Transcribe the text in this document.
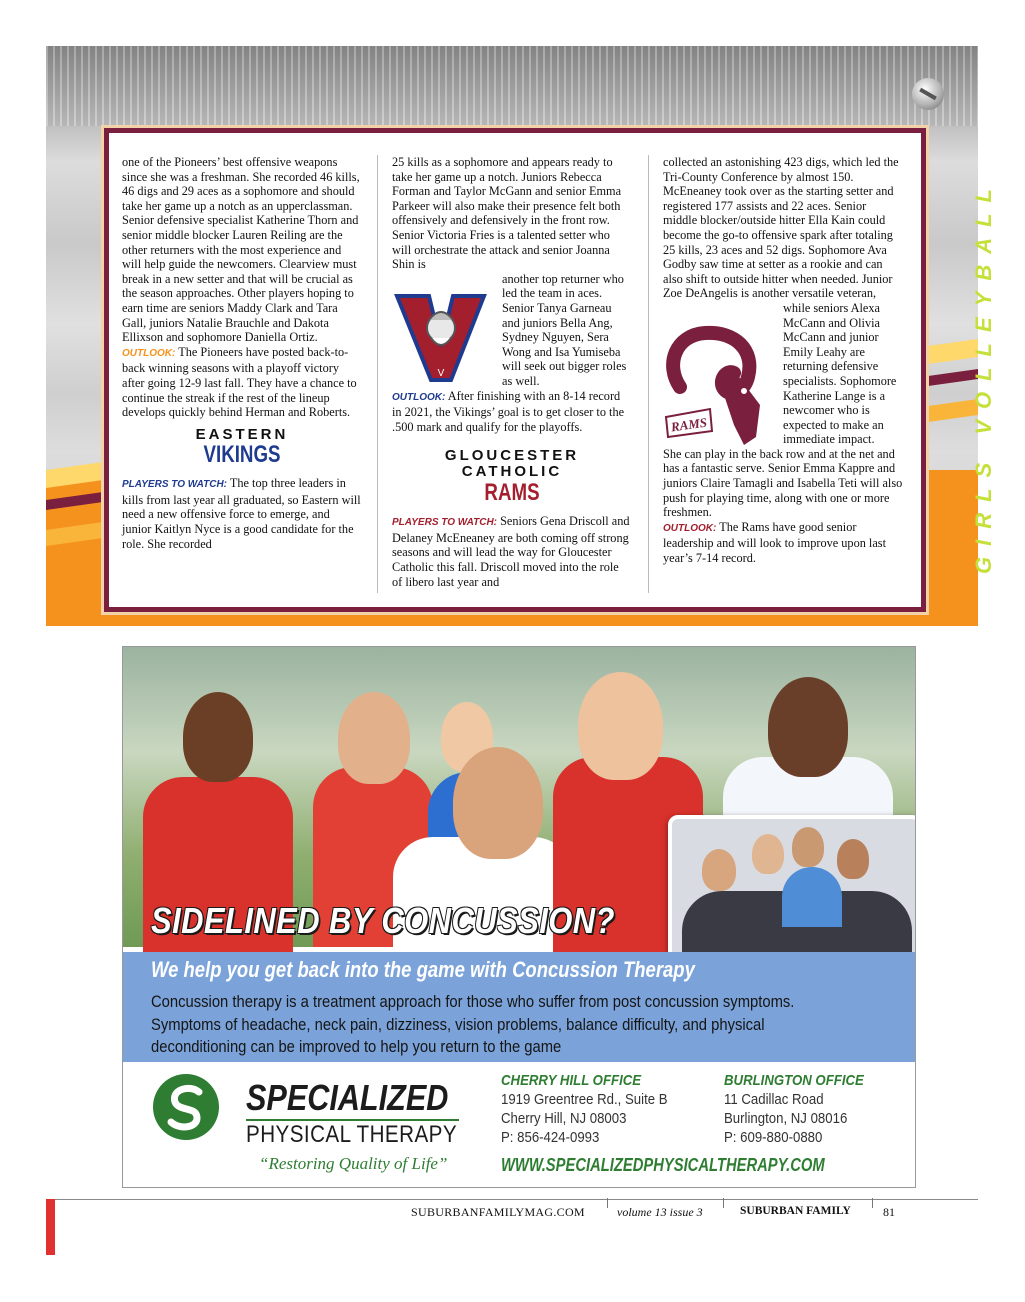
GIRLS VOLLEYBALL

one of the Pioneers’ best offensive weapons since she was a freshman. She recorded 46 kills, 46 digs and 29 aces as a sophomore and should take her game up a notch as an upperclassman. Senior defensive specialist Katherine Thorn and senior middle blocker Lauren Reiling are the other returners with the most experience and will help guide the newcomers. Clearview must break in a new setter and that will be crucial as the season approaches. Other players hoping to earn time are seniors Maddy Clark and Tara Gall, juniors Natalie Brauchle and Dakota Ellixson and sophomore Daniella Ortiz.

OUTLOOK: The Pioneers have posted back-to-back winning seasons with a playoff victory after going 12-9 last fall. They have a chance to continue the streak if the rest of the lineup develops quickly behind Herman and Roberts.

EASTERN
VIKINGS

PLAYERS TO WATCH: The top three leaders in kills from last year all graduated, so Eastern will need a new offensive force to emerge, and junior Kaitlyn Nyce is a good candidate for the role. She recorded

25 kills as a sophomore and appears ready to take her game up a notch. Juniors Rebecca Forman and Taylor McGann and senior Emma Parkeer will also make their presence felt both offensively and defensively in the front row. Senior Victoria Fries is a talented setter who will orchestrate the attack and senior Joanna Shin is

another top returner who led the team in aces. Senior Tanya Garneau and juniors Bella Ang, Sydney Nguyen, Sera Wong and Isa Yumiseba will seek out bigger roles as well.

OUTLOOK: After finishing with an 8-14 record in 2021, the Vikings’ goal is to get closer to the .500 mark and qualify for the playoffs.

GLOUCESTER
CATHOLIC
RAMS

PLAYERS TO WATCH: Seniors Gena Driscoll and Delaney McEneaney are both coming off strong seasons and will lead the way for Gloucester Catholic this fall. Driscoll moved into the role of libero last year and

collected an astonishing 423 digs, which led the Tri-County Conference by almost 150. McEneaney took over as the starting setter and registered 177 assists and 22 aces. Senior middle blocker/outside hitter Ella Kain could become the go-to offensive spark after totaling 25 kills, 23 aces and 52 digs. Sophomore Ava Godby saw time at setter as a rookie and can also shift to outside hitter when needed. Junior Zoe DeAngelis is another versatile veteran,

while seniors Alexa McCann and Olivia McCann and junior Emily Leahy are returning defensive specialists. Sophomore Katherine Lange is a newcomer who is expected to make an immediate impact.

She can play in the back row and at the net and has a fantastic serve. Senior Emma Kappre and juniors Claire Tamagli and Isabella Teti will also push for playing time, along with one or more freshmen.

OUTLOOK: The Rams have good senior leadership and will look to improve upon last year’s 7-14 record.

V
RAMS
SIDELINED BY CONCUSSION?
We help you get back into the game with Concussion Therapy
Concussion therapy is a treatment approach for those who suffer from post concussion symptoms. Symptoms of headache, neck pain, dizziness, vision problems, balance difficulty, and physical deconditioning can be improved to help you return to the game
SPECIALIZED
PHYSICAL THERAPY
“Restoring Quality of Life”
CHERRY HILL OFFICE
1919 Greentree Rd., Suite B
Cherry Hill, NJ 08003
P: 856-424-0993
BURLINGTON OFFICE
11 Cadillac Road
Burlington, NJ 08016
P: 609-880-0880
WWW.SPECIALIZEDPHYSICALTHERAPY.COM
SUBURBANFAMILYMAG.COM	volume 13 issue 3	SUBURBAN FAMILY	81
